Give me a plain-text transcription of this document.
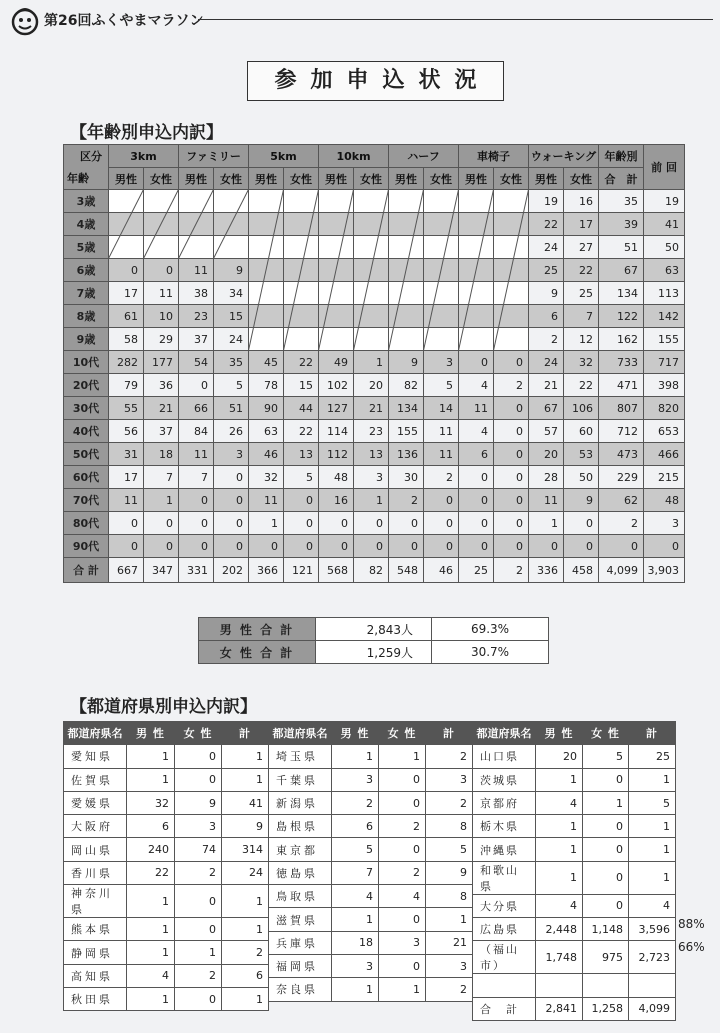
第26回ふくやまマラソン
参加申込状況
【年齢別申込内訳】
区分
年齢	3km		ファミリー		5km		10km		ハーフ		車椅子		ウォーキング		年齢別	前 回
	男性	女性	男性	女性	男性	女性	男性	女性	男性	女性	男性	女性	男性	女性	合　計	
3歳													19	16	35	19
4歳													22	17	39	41
5歳													24	27	51	50
6歳	0	0	11	9									25	22	67	63
7歳	17	11	38	34									9	25	134	113
8歳	61	10	23	15									6	7	122	142
9歳	58	29	37	24									2	12	162	155
10代	282	177	54	35	45	22	49	1	9	3	0	0	24	32	733	717
20代	79	36	0	5	78	15	102	20	82	5	4	2	21	22	471	398
30代	55	21	66	51	90	44	127	21	134	14	11	0	67	106	807	820
40代	56	37	84	26	63	22	114	23	155	11	4	0	57	60	712	653
50代	31	18	11	3	46	13	112	13	136	11	6	0	20	53	473	466
60代	17	7	7	0	32	5	48	3	30	2	0	0	28	50	229	215
70代	11	1	0	0	11	0	16	1	2	0	0	0	11	9	62	48
80代	0	0	0	0	1	0	0	0	0	0	0	0	1	0	2	3
90代	0	0	0	0	0	0	0	0	0	0	0	0	0	0	0	0
合 計	667	347	331	202	366	121	568	82	548	46	25	2	336	458	4,099	3,903
男 性 合 計	2,843人	69.3%
女 性 合 計	1,259人	30.7%
【都道府県別申込内訳】
都道府県名	男 性	女 性	計
愛知県	1	0	1
佐賀県	1	0	1
愛媛県	32	9	41
大阪府	6	3	9
岡山県	240	74	314
香川県	22	2	24
神奈川県	1	0	1
熊本県	1	0	1
静岡県	1	1	2
高知県	4	2	6
秋田県	1	0	1
都道府県名	男 性	女 性	計
埼玉県	1	1	2
千葉県	3	0	3
新潟県	2	0	2
島根県	6	2	8
東京都	5	0	5
徳島県	7	2	9
鳥取県	4	4	8
滋賀県	1	0	1
兵庫県	18	3	21
福岡県	3	0	3
奈良県	1	1	2
都道府県名	男 性	女 性	計
山口県	20	5	25
茨城県	1	0	1
京都府	4	1	5
栃木県	1	0	1
沖縄県	1	0	1
和歌山県	1	0	1
大分県	4	0	4
広島県	2,448	1,148	3,596
（福山市）	1,748	975	2,723

合　計	2,841	1,258	4,099
88%
66%
